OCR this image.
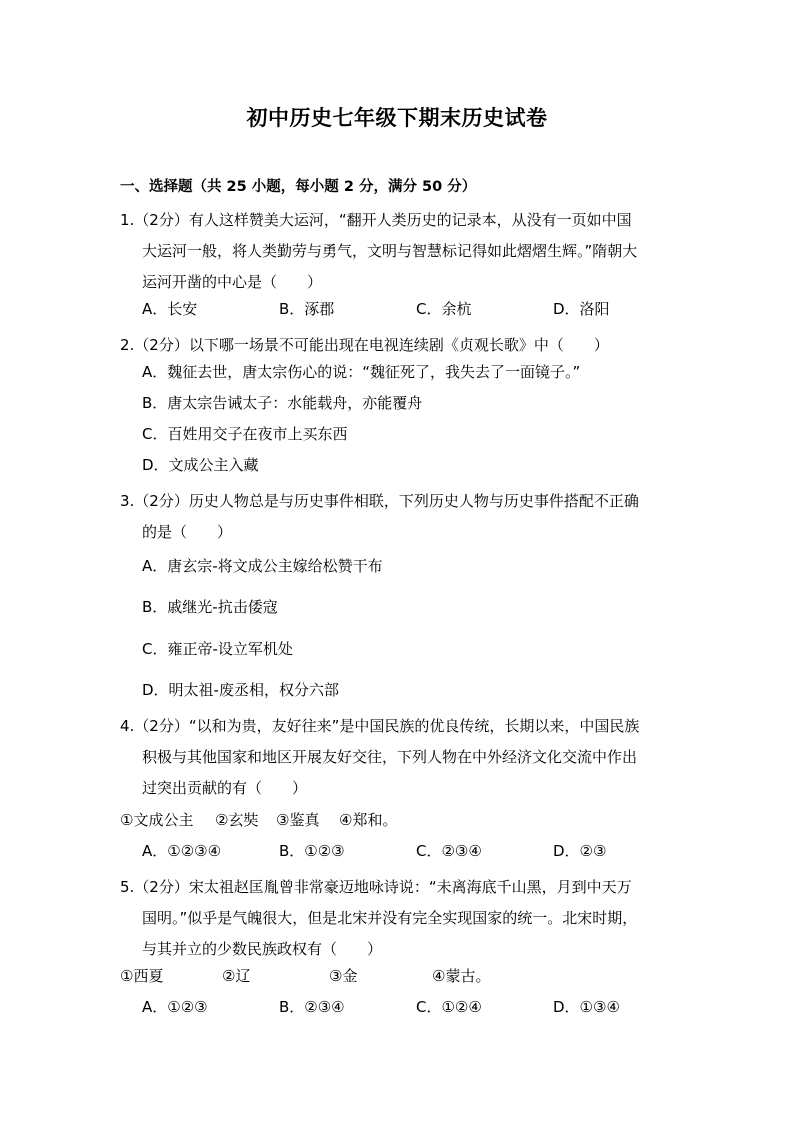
初中历史七年级下期末历史试卷
一、选择题（共 25 小题，每小题 2 分，满分 50 分）
1.（2分）有人这样赞美大运河，“翻开人类历史的记录本，从没有一页如中国
大运河一般，将人类勤劳与勇气，文明与智慧标记得如此熠熠生辉。”隋朝大
运河开凿的中心是（　　）
A．长安	B．涿郡	C．余杭	D．洛阳
2.（2分）以下哪一场景不可能出现在电视连续剧《贞观长歌》中（　　）
A．魏征去世，唐太宗伤心的说：“魏征死了，我失去了一面镜子。”
B．唐太宗告诫太子：水能载舟，亦能覆舟
C．百姓用交子在夜市上买东西
D．文成公主入藏
3.（2分）历史人物总是与历史事件相联，下列历史人物与历史事件搭配不正确
的是（　　）
A．唐玄宗-将文成公主嫁给松赞干布
B．戚继光-抗击倭寇
C．雍正帝-设立军机处
D．明太祖-废丞相，权分六部
4.（2分）“以和为贵，友好往来”是中国民族的优良传统，长期以来，中国民族
积极与其他国家和地区开展友好交往，下列人物在中外经济文化交流中作出
过突出贡献的有（　　）
①文成公主 ②玄奘 ③鉴真 ④郑和。
A．①②③④	B．①②③	C．②③④	D．②③
5.（2分）宋太祖赵匡胤曾非常豪迈地咏诗说：“未离海底千山黑，月到中天万
国明。”似乎是气魄很大，但是北宋并没有完全实现国家的统一。北宋时期，
与其并立的少数民族政权有（　　）
①西夏	②辽	③金	④蒙古。
A．①②③	B．②③④	C．①②④	D．①③④
